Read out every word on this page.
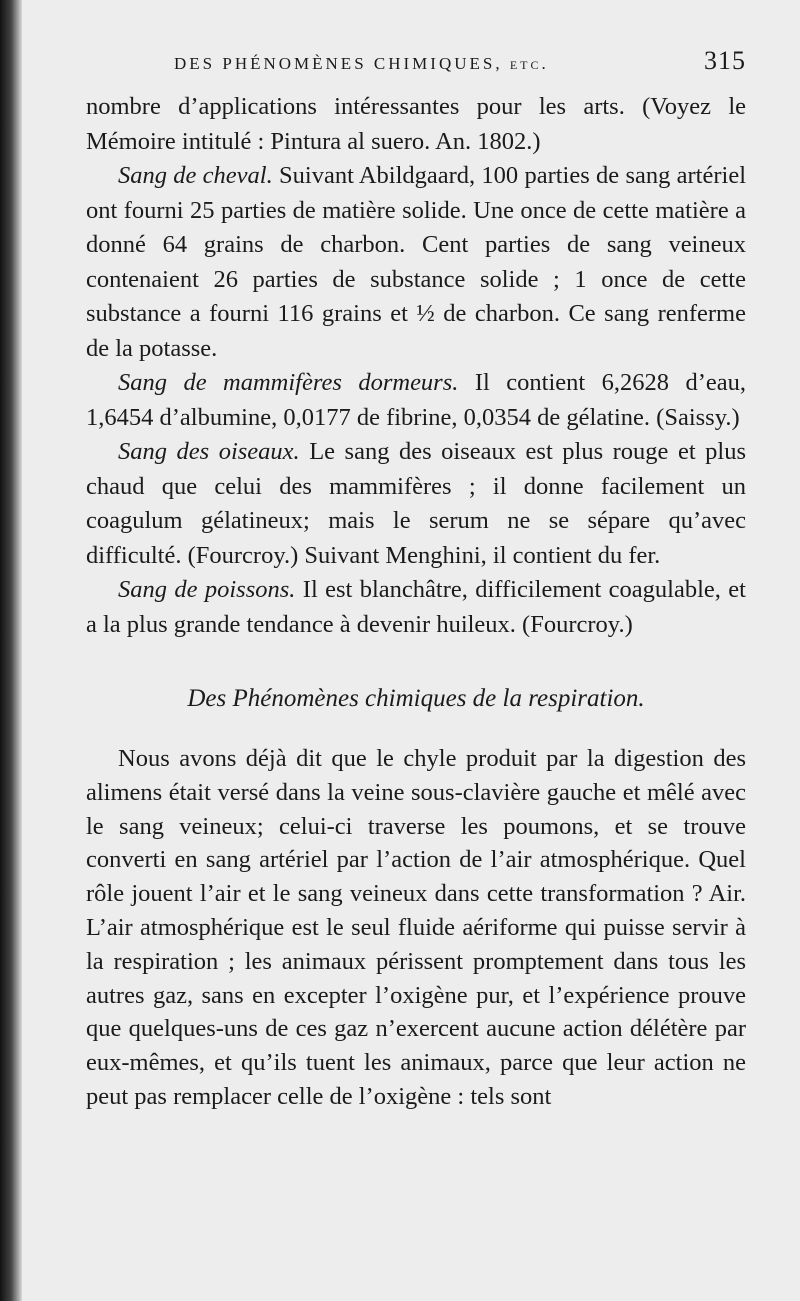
DES PHÉNOMÈNES CHIMIQUES, etc.	315

nombre d’applications intéressantes pour les arts. (Voyez le Mémoire intitulé : Pintura al suero. An. 1802.)

Sang de cheval. Suivant Abildgaard, 100 parties de sang artériel ont fourni 25 parties de matière solide. Une once de cette matière a donné 64 grains de charbon. Cent parties de sang veineux contenaient 26 parties de substance solide ; 1 once de cette substance a fourni 116 grains et ½ de charbon. Ce sang renferme de la potasse.

Sang de mammifères dormeurs. Il contient 6,2628 d’eau, 1,6454 d’albumine, 0,0177 de fibrine, 0,0354 de gélatine. (Saissy.)

Sang des oiseaux. Le sang des oiseaux est plus rouge et plus chaud que celui des mammifères ; il donne facilement un coagulum gélatineux; mais le serum ne se sépare qu’avec difficulté. (Fourcroy.) Suivant Menghini, il contient du fer.

Sang de poissons. Il est blanchâtre, difficilement coagulable, et a la plus grande tendance à devenir huileux. (Fourcroy.)

Des Phénomènes chimiques de la respiration.

Nous avons déjà dit que le chyle produit par la digestion des alimens était versé dans la veine sous-clavière gauche et mêlé avec le sang veineux; celui-ci traverse les poumons, et se trouve converti en sang artériel par l’action de l’air atmosphérique. Quel rôle jouent l’air et le sang veineux dans cette transformation ? Air. L’air atmosphérique est le seul fluide aériforme qui puisse servir à la respiration ; les animaux périssent promptement dans tous les autres gaz, sans en excepter l’oxigène pur, et l’expérience prouve que quelques-uns de ces gaz n’exercent aucune action délétère par eux-mêmes, et qu’ils tuent les animaux, parce que leur action ne peut pas remplacer celle de l’oxigène : tels sont
